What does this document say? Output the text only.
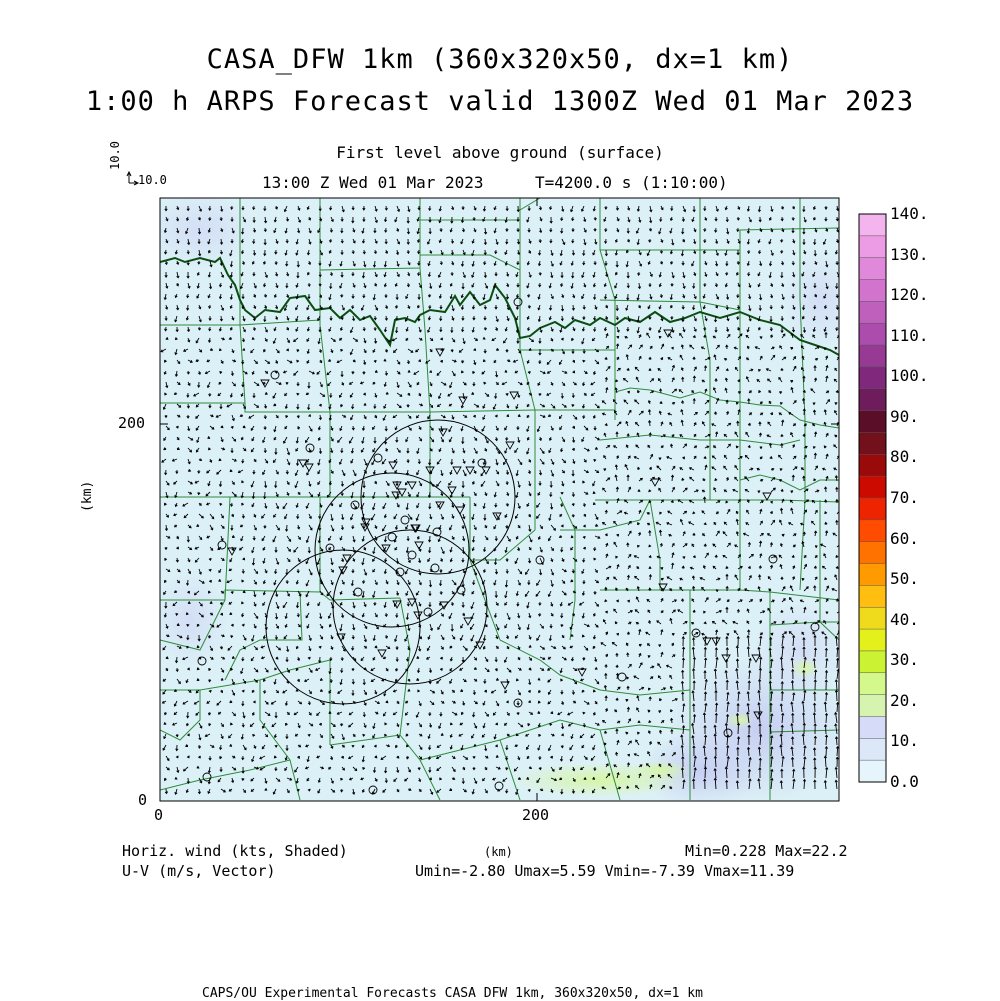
CASA_DFW 1km (360x320x50, dx=1 km)
1:00 h ARPS Forecast valid 1300Z Wed 01 Mar 2023
First level above ground (surface)
13:00 Z Wed 01 Mar 2023	T=4200.0 s (1:10:00)
10.0
10.0
(km)
200
0
0	200
140.
130.
120.
110.
100.
90.
80.
70.
60.
50.
40.
30.
20.
10.
0.0
Horiz. wind (kts, Shaded)
U-V (m/s, Vector)
(km)	Min=0.228 Max=22.2
Umin=-2.80 Umax=5.59 Vmin=-7.39 Vmax=11.39
CAPS/OU Experimental Forecasts CASA DFW 1km, 360x320x50, dx=1 km
